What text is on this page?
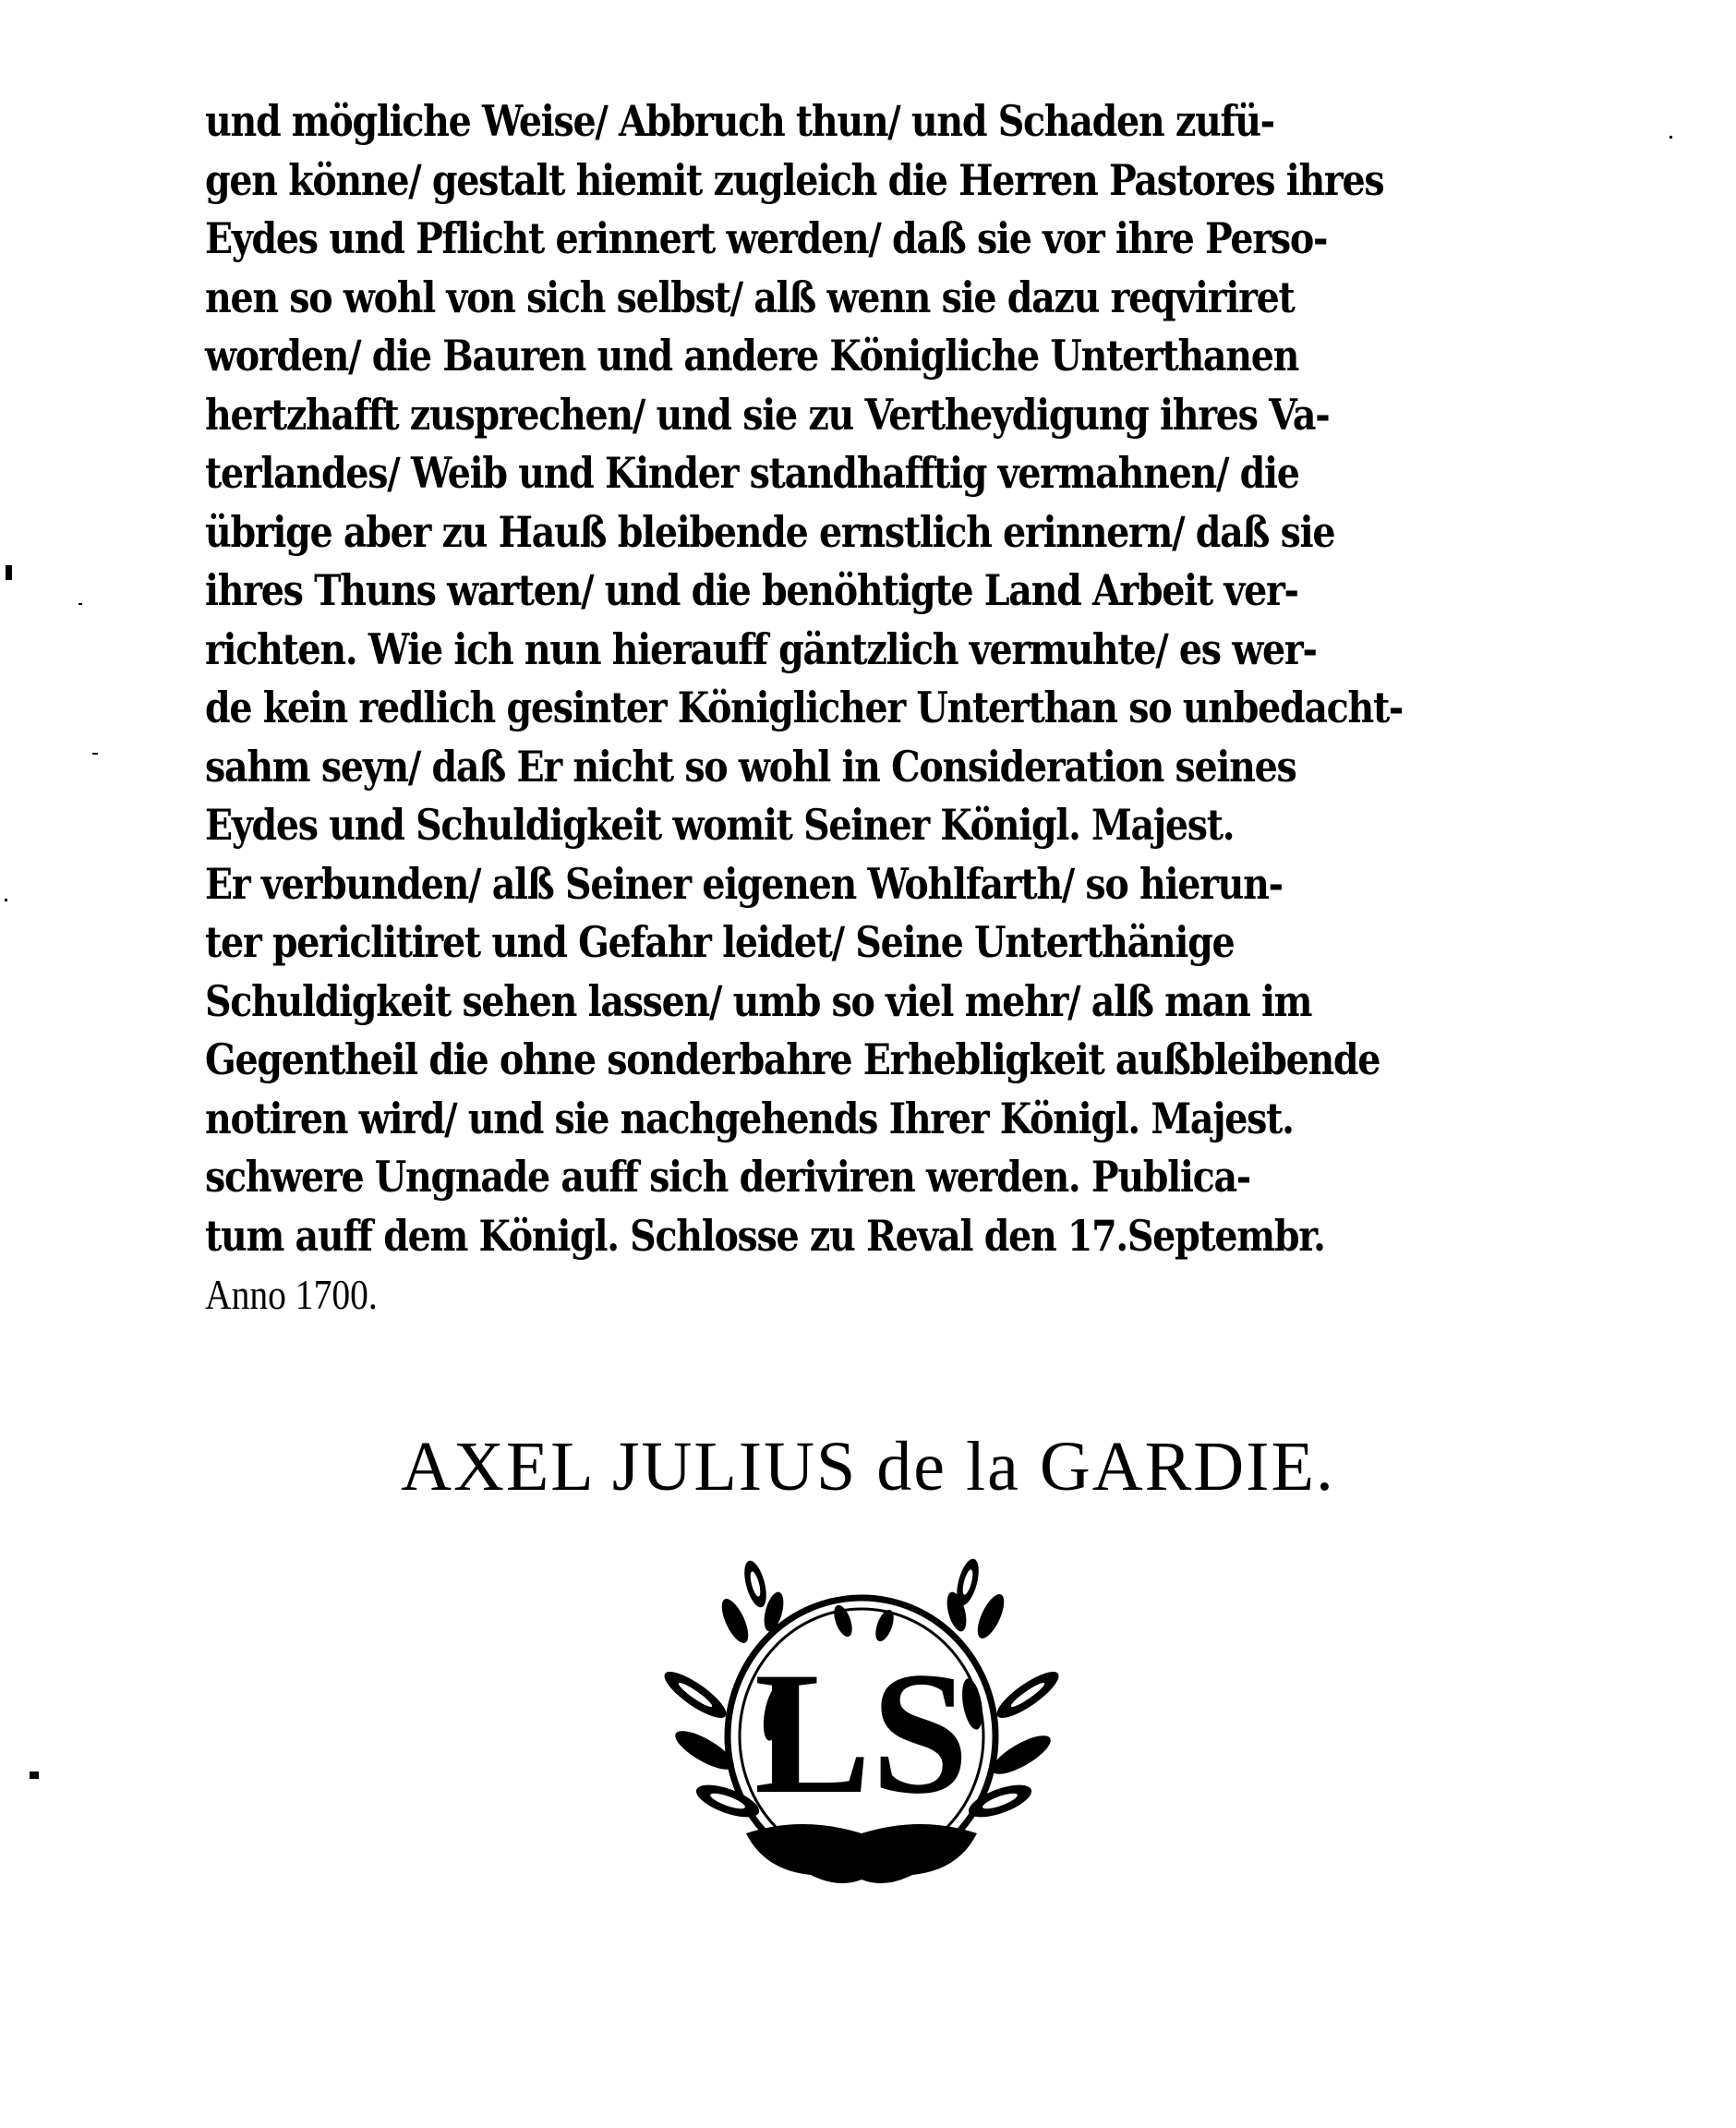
und mögliche Weise/ Abbruch thun/ und Schaden zufü-
gen könne/ gestalt hiemit zugleich die Herren Pastores ihres
Eydes und Pflicht erinnert werden/ daß sie vor ihre Perso-
nen so wohl von sich selbst/ alß wenn sie dazu reqviriret
worden/ die Bauren und andere Königliche Unterthanen
hertzhafft zusprechen/ und sie zu Vertheydigung ihres Va-
terlandes/ Weib und Kinder standhafftig vermahnen/ die
übrige aber zu Hauß bleibende ernstlich erinnern/ daß sie
ihres Thuns warten/ und die benöhtigte Land Arbeit ver-
richten. Wie ich nun hierauff gäntzlich vermuhte/ es wer-
de kein redlich gesinter Königlicher Unterthan so unbedacht-
sahm seyn/ daß Er nicht so wohl in Consideration seines
Eydes und Schuldigkeit womit Seiner Königl. Majest.
Er verbunden/ alß Seiner eigenen Wohlfarth/ so hierun-
ter periclitiret und Gefahr leidet/ Seine Unterthänige
Schuldigkeit sehen lassen/ umb so viel mehr/ alß man im
Gegentheil die ohne sonderbahre Erhebligkeit außbleibende
notiren wird/ und sie nachgehends Ihrer Königl. Majest.
schwere Ungnade auff sich deriviren werden. Publica-
tum auff dem Königl. Schlosse zu Reval den 17.Septembr.
Anno 1700.
AXEL JULIUS de la GARDIE.
LS
